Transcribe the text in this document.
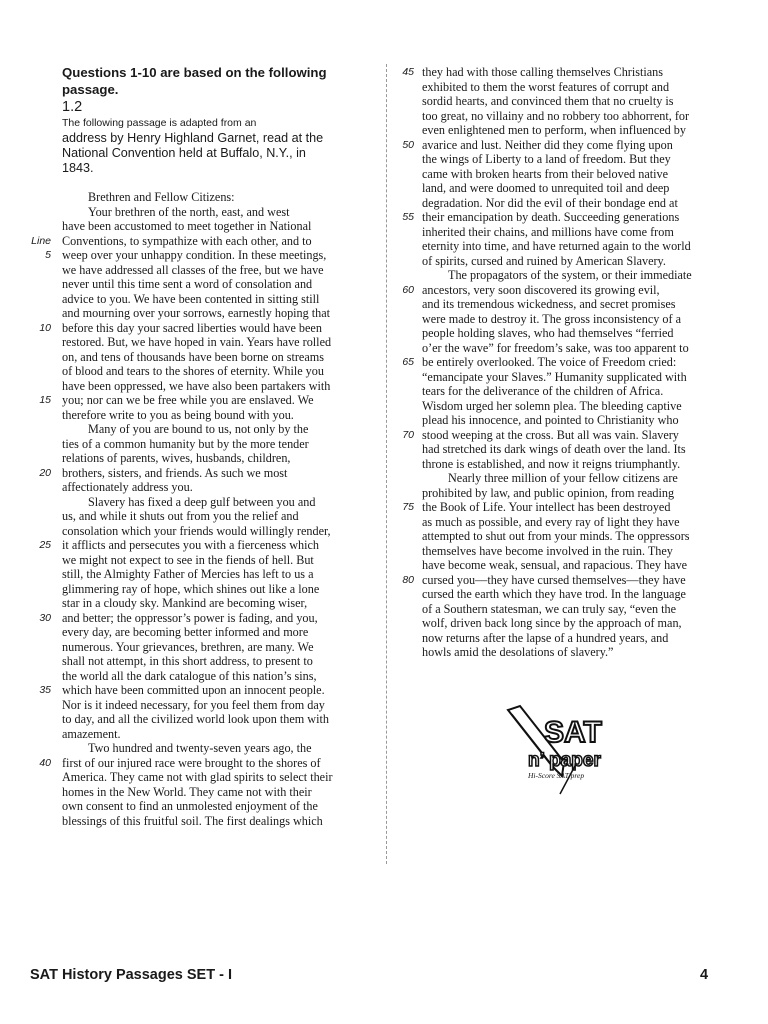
Questions 1-10 are based on the following
passage.

1.2

The following passage is adapted from an
address by Henry Highland Garnet, read at the
National Convention held at Buffalo, N.Y., in
1843.

Brethren and Fellow Citizens:
Your brethren of the north, east, and west
have been accustomed to meet together in National
Conventions, to sympathize with each other, and to
Line
weep over your unhappy condition. In these meetings,
5
we have addressed all classes of the free, but we have
never until this time sent a word of consolation and
advice to you. We have been contented in sitting still
and mourning over your sorrows, earnestly hoping that
before this day your sacred liberties would have been
10
restored. But, we have hoped in vain. Years have rolled
on, and tens of thousands have been borne on streams
of blood and tears to the shores of eternity. While you
have been oppressed, we have also been partakers with
you; nor can we be free while you are enslaved. We
15
therefore write to you as being bound with you.
Many of you are bound to us, not only by the
ties of a common humanity but by the more tender
relations of parents, wives, husbands, children,
brothers, sisters, and friends. As such we most
20
affectionately address you.
Slavery has fixed a deep gulf between you and
us, and while it shuts out from you the relief and
consolation which your friends would willingly render,
it afflicts and persecutes you with a fierceness which
25
we might not expect to see in the fiends of hell. But
still, the Almighty Father of Mercies has left to us a
glimmering ray of hope, which shines out like a lone
star in a cloudy sky. Mankind are becoming wiser,
and better; the oppressor’s power is fading, and you,
30
every day, are becoming better informed and more
numerous. Your grievances, brethren, are many. We
shall not attempt, in this short address, to present to
the world all the dark catalogue of this nation’s sins,
which have been committed upon an innocent people.
35
Nor is it indeed necessary, for you feel them from day
to day, and all the civilized world look upon them with
amazement.
Two hundred and twenty-seven years ago, the
first of our injured race were brought to the shores of
40
America. They came not with glad spirits to select their
homes in the New World. They came not with their
own consent to find an unmolested enjoyment of the
blessings of this fruitful soil. The first dealings which
they had with those calling themselves Christians
45
exhibited to them the worst features of corrupt and
sordid hearts, and convinced them that no cruelty is
too great, no villainy and no robbery too abhorrent, for
even enlightened men to perform, when influenced by
avarice and lust. Neither did they come flying upon
50
the wings of Liberty to a land of freedom. But they
came with broken hearts from their beloved native
land, and were doomed to unrequited toil and deep
degradation. Nor did the evil of their bondage end at
their emancipation by death. Succeeding generations
55
inherited their chains, and millions have come from
eternity into time, and have returned again to the world
of spirits, cursed and ruined by American Slavery.
The propagators of the system, or their immediate
ancestors, very soon discovered its growing evil,
60
and its tremendous wickedness, and secret promises
were made to destroy it. The gross inconsistency of a
people holding slaves, who had themselves “ferried
o’er the wave” for freedom’s sake, was too apparent to
be entirely overlooked. The voice of Freedom cried:
65
“emancipate your Slaves.” Humanity supplicated with
tears for the deliverance of the children of Africa.
Wisdom urged her solemn plea. The bleeding captive
plead his innocence, and pointed to Christianity who
stood weeping at the cross. But all was vain. Slavery
70
had stretched its dark wings of death over the land. Its
throne is established, and now it reigns triumphantly.
Nearly three million of your fellow citizens are
prohibited by law, and public opinion, from reading
the Book of Life. Your intellect has been destroyed
75
as much as possible, and every ray of light they have
attempted to shut out from your minds. The oppressors
themselves have become involved in the ruin. They
have become weak, sensual, and rapacious. They have
cursed you—they have cursed themselves—they have
80
cursed the earth which they have trod. In the language
of a Southern statesman, we can truly say, “even the
wolf, driven back long since by the approach of man,
now returns after the lapse of a hundred years, and
howls amid the desolations of slavery.”
SAT
n’ paper
Hi-Score SAT prep
SAT History Passages SET - I	4
